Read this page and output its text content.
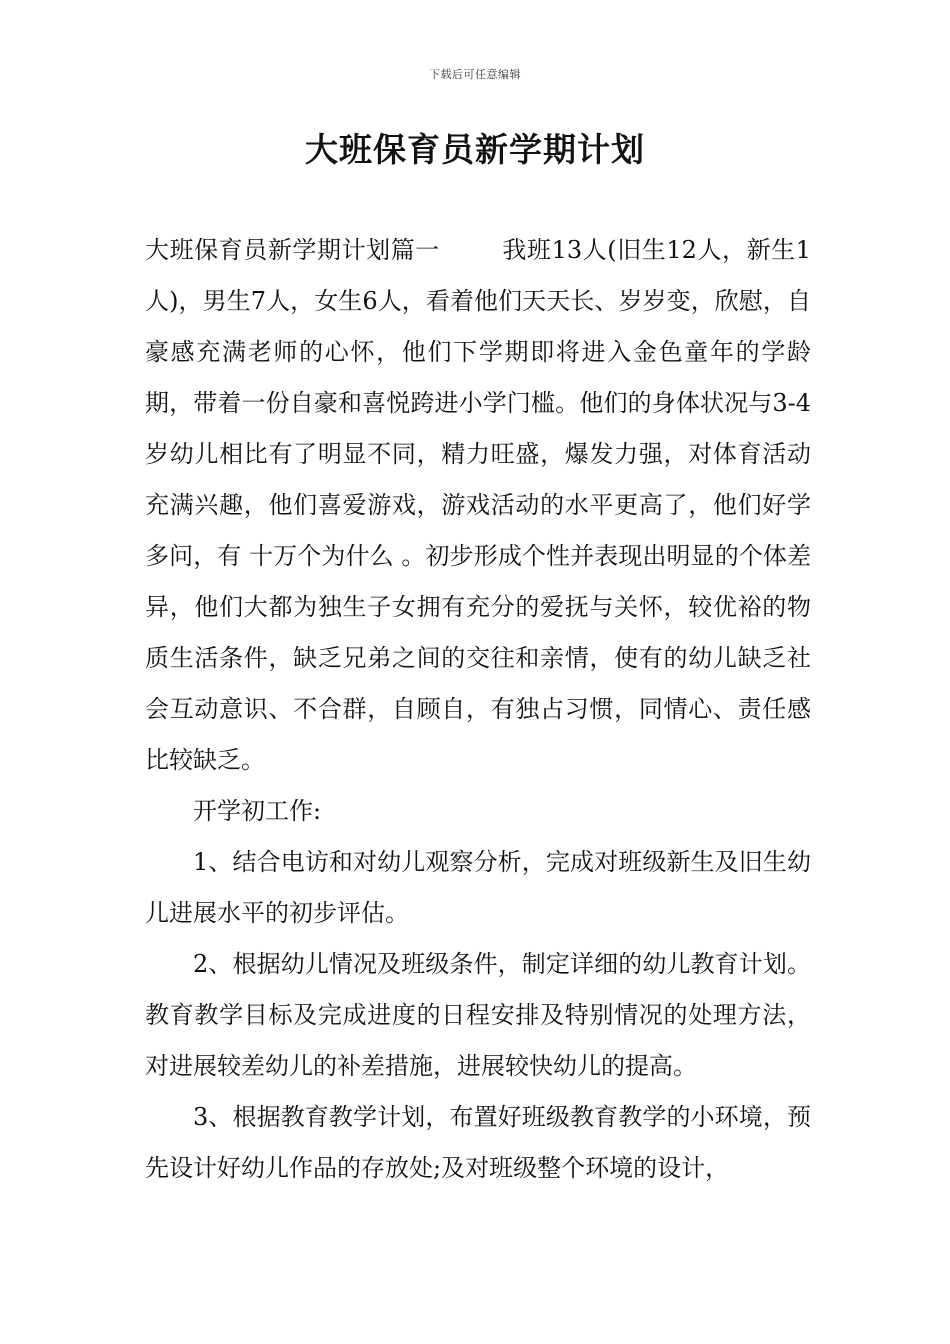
下载后可任意编辑
大班保育员新学期计划

大班保育员新学期计划篇一	我班13人(旧生12人，新生1人)，男生7人，女生6人，看着他们天天长、岁岁变，欣慰，自豪感充满老师的心怀，他们下学期即将进入金色童年的学龄期，带着一份自豪和喜悦跨进小学门槛。他们的身体状况与3-4岁幼儿相比有了明显不同，精力旺盛，爆发力强，对体育活动充满兴趣，他们喜爱游戏，游戏活动的水平更高了，他们好学多问，有 十万个为什么 。初步形成个性并表现出明显的个体差异，他们大都为独生子女拥有充分的爱抚与关怀，较优裕的物质生活条件，缺乏兄弟之间的交往和亲情，使有的幼儿缺乏社会互动意识、不合群，自顾自，有独占习惯，同情心、责任感比较缺乏。

开学初工作:

1、结合电访和对幼儿观察分析，完成对班级新生及旧生幼儿进展水平的初步评估。

2、根据幼儿情况及班级条件，制定详细的幼儿教育计划。教育教学目标及完成进度的日程安排及特别情况的处理方法，对进展较差幼儿的补差措施，进展较快幼儿的提高。

3、根据教育教学计划，布置好班级教育教学的小环境，预先设计好幼儿作品的存放处;及对班级整个环境的设计，
